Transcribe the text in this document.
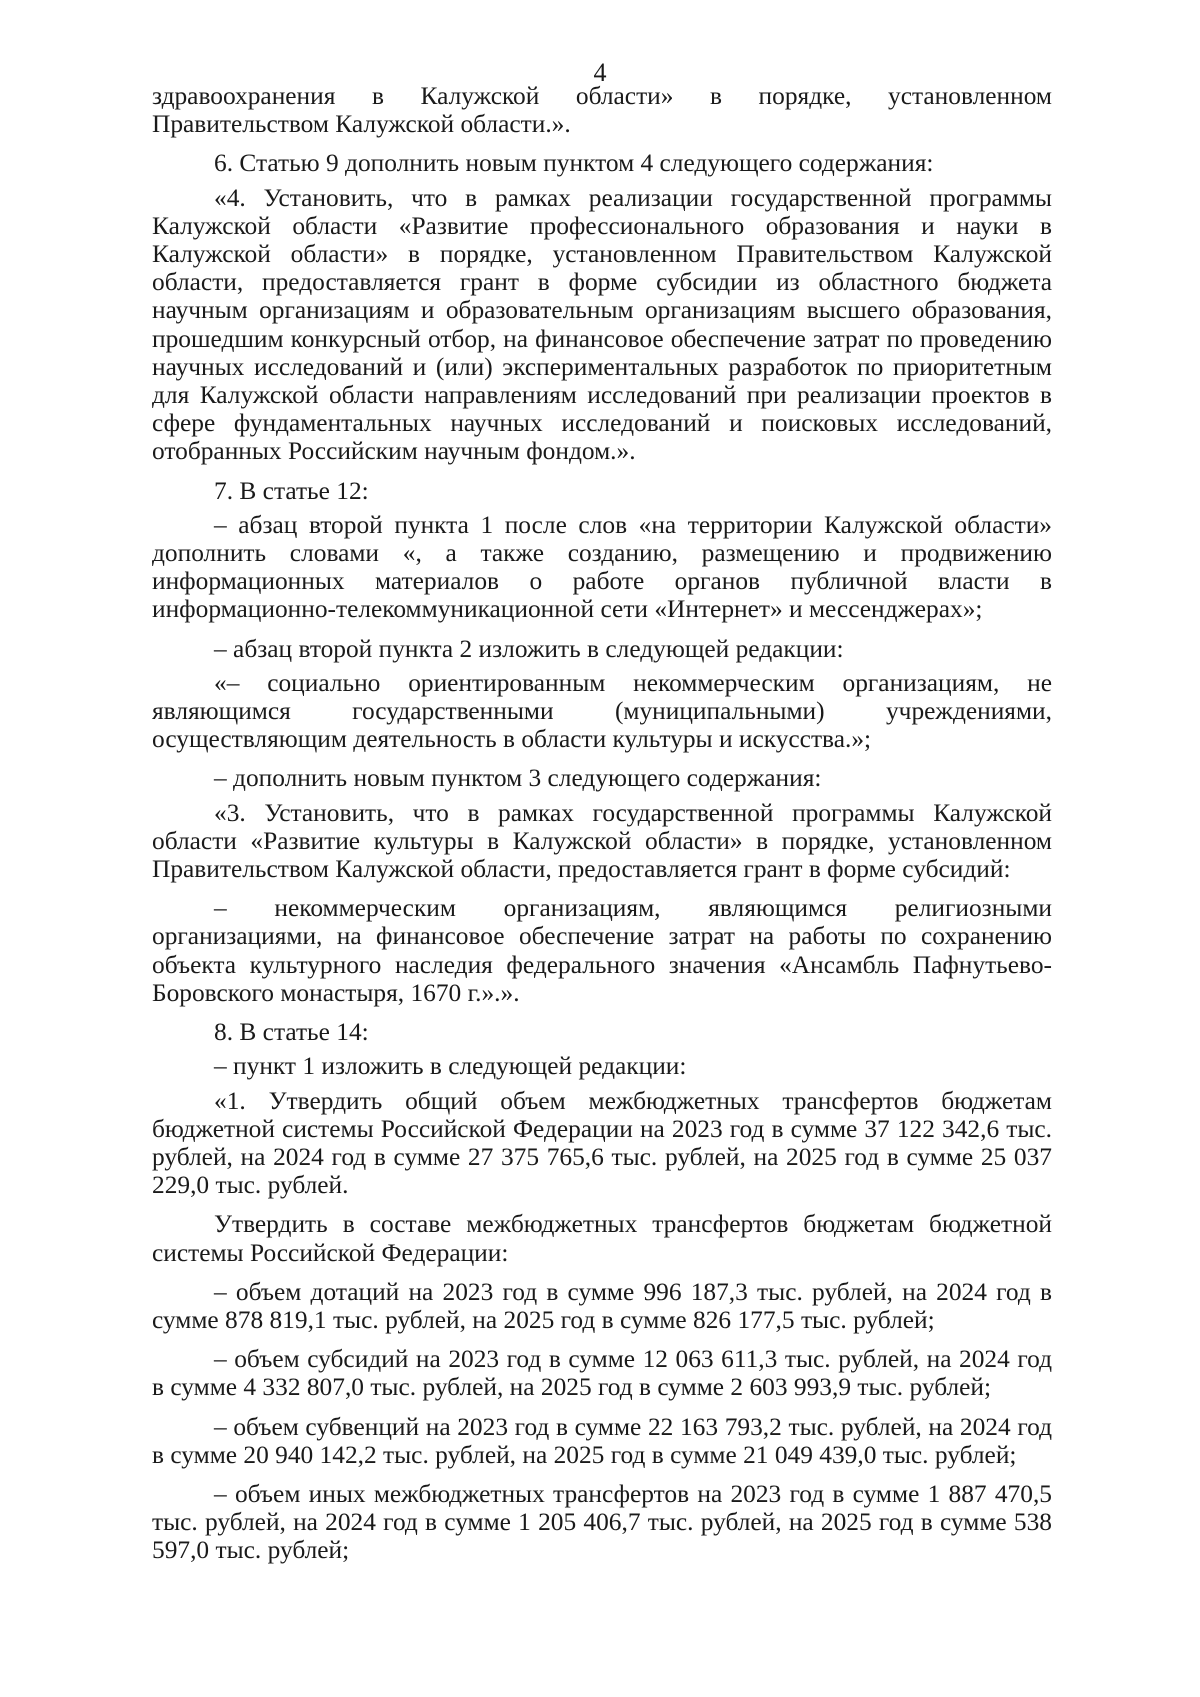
4

здравоохранения в Калужской области» в порядке, установленном Правительством Калужской области.».

6. Статью 9 дополнить новым пунктом 4 следующего содержания:

«4. Установить, что в рамках реализации государственной программы Калужской области «Развитие профессионального образования и науки в Калужской области» в порядке, установленном Правительством Калужской области, предоставляется грант в форме субсидии из областного бюджета научным организациям и образовательным организациям высшего образования, прошедшим конкурсный отбор, на финансовое обеспечение затрат по проведению научных исследований и (или) экспериментальных разработок по приоритетным для Калужской области направлениям исследований при реализации проектов в сфере фундаментальных научных исследований и поисковых исследований, отобранных Российским научным фондом.».

7. В статье 12:

– абзац второй пункта 1 после слов «на территории Калужской области» дополнить словами «, а также созданию, размещению и продвижению информационных материалов о работе органов публичной власти в информационно-телекоммуникационной сети «Интернет» и мессенджерах»;

– абзац второй пункта 2 изложить в следующей редакции:

«– социально ориентированным некоммерческим организациям, не являющимся государственными (муниципальными) учреждениями, осуществляющим деятельность в области культуры и искусства.»;

– дополнить новым пунктом 3 следующего содержания:

«3. Установить, что в рамках государственной программы Калужской области «Развитие культуры в Калужской области» в порядке, установленном Правительством Калужской области, предоставляется грант в форме субсидий:

– некоммерческим организациям, являющимся религиозными организациями, на финансовое обеспечение затрат на работы по сохранению объекта культурного наследия федерального значения «Ансамбль Пафнутьево-Боровского монастыря, 1670 г.».».

8. В статье 14:

– пункт 1 изложить в следующей редакции:

«1. Утвердить общий объем межбюджетных трансфертов бюджетам бюджетной системы Российской Федерации на 2023 год в сумме 37 122 342,6 тыс. рублей, на 2024 год в сумме 27 375 765,6 тыс. рублей, на 2025 год в сумме 25 037 229,0 тыс. рублей.

Утвердить в составе межбюджетных трансфертов бюджетам бюджетной системы Российской Федерации:

– объем дотаций на 2023 год в сумме 996 187,3 тыс. рублей, на 2024 год в сумме 878 819,1 тыс. рублей, на 2025 год в сумме 826 177,5 тыс. рублей;

– объем субсидий на 2023 год в сумме 12 063 611,3 тыс. рублей, на 2024 год в сумме 4 332 807,0 тыс. рублей, на 2025 год в сумме 2 603 993,9 тыс. рублей;

– объем субвенций на 2023 год в сумме 22 163 793,2 тыс. рублей, на 2024 год в сумме 20 940 142,2 тыс. рублей, на 2025 год в сумме 21 049 439,0 тыс. рублей;

– объем иных межбюджетных трансфертов на 2023 год в сумме 1 887 470,5 тыс. рублей, на 2024 год в сумме 1 205 406,7 тыс. рублей, на 2025 год в сумме 538 597,0 тыс. рублей;
